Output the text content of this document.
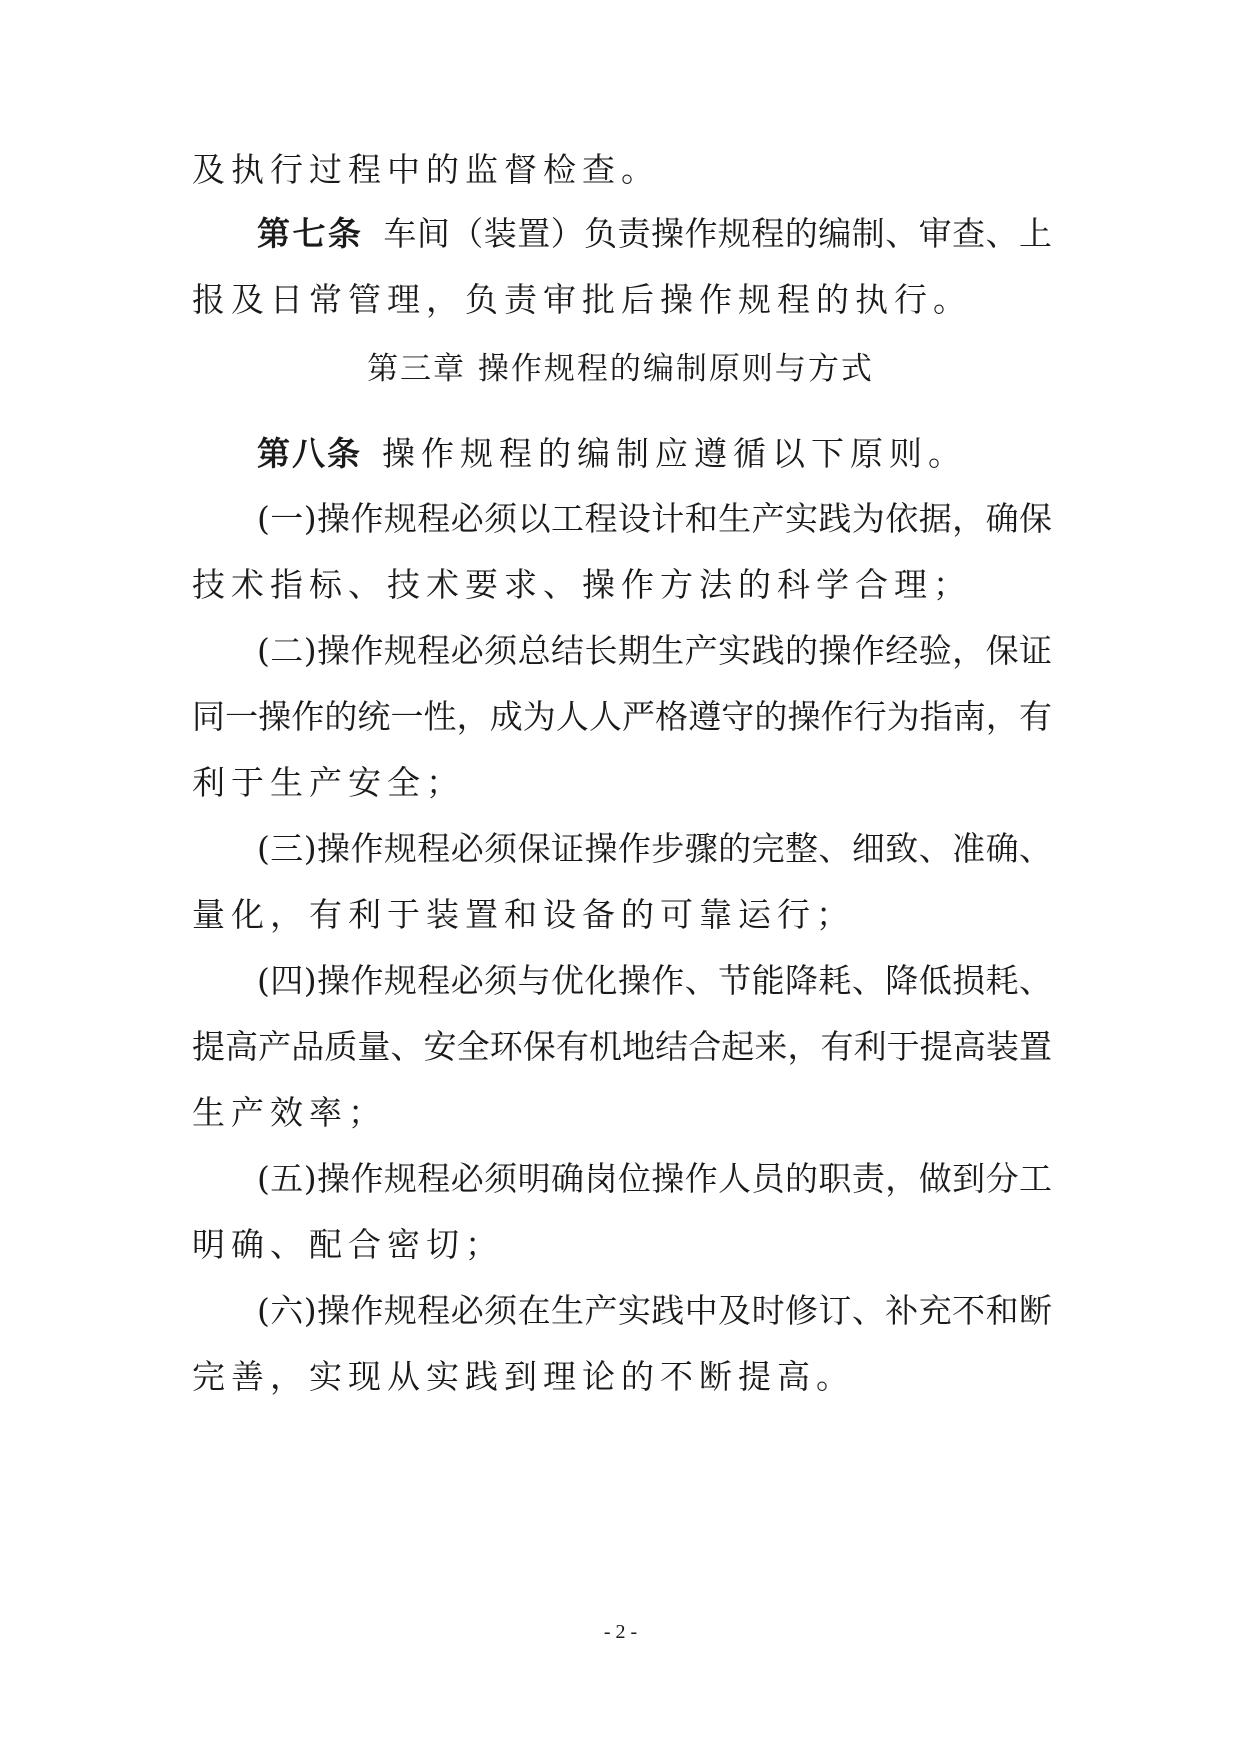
及执行过程中的监督检查。
第七条 车间（装置）负责操作规程的编制、审查、上
报及日常管理，负责审批后操作规程的执行。
第三章 操作规程的编制原则与方式
第八条 操作规程的编制应遵循以下原则。
(一)操作规程必须以工程设计和生产实践为依据，确保
技术指标、技术要求、操作方法的科学合理；
(二)操作规程必须总结长期生产实践的操作经验，保证
同一操作的统一性，成为人人严格遵守的操作行为指南，有
利于生产安全；
(三)操作规程必须保证操作步骤的完整、细致、准确、
量化，有利于装置和设备的可靠运行；
(四)操作规程必须与优化操作、节能降耗、降低损耗、
提高产品质量、安全环保有机地结合起来，有利于提高装置
生产效率；
(五)操作规程必须明确岗位操作人员的职责，做到分工
明确、配合密切；
(六)操作规程必须在生产实践中及时修订、补充不和断
完善，实现从实践到理论的不断提高。
- 2 -
